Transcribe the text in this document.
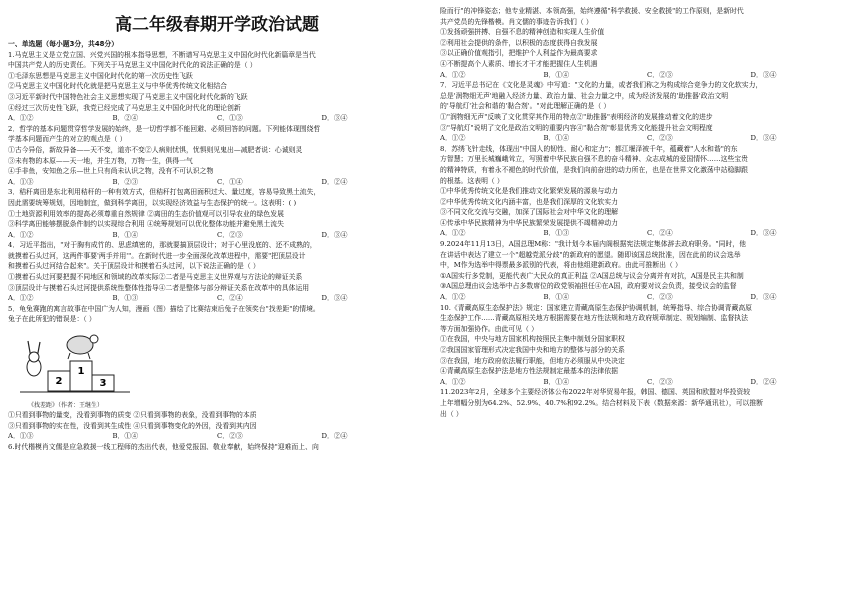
高二年级春期开学政治试题
一、单选题（每小题3分，共48分）
1.马克思主义是立党立国、兴党兴国的根本指导思想，不断谱写马克思主义中国化时代化新篇章是当代
中国共产党人的历史责任。下列关于马克思主义中国化时代化的说法正确的是（ ）
①毛泽东思想是马克思主义中国化时代化的第一次历史性飞跃
②马克思主义中国化时代化就是把马克思主义与中华优秀传统文化相结合
③习近平新时代中国特色社会主义思想实现了马克思主义中国化时代化新的飞跃
④经过三次历史性飞跃，我党已经完成了马克思主义中国化时代化的理论创新
A．①②	B．②④	C．①③	D．③④
2．哲学的基本问题贯穿哲学发展的始终，是一切哲学都不能回避、必须回答的问题。下列能体现围绕哲
学基本问题而产生的对立的观点是（ ）
①古今异俗，新故异备——天不变，道亦不变②人病则忧惧，忧惧则见鬼出—减肥者说：心诚则灵
③未有物的本原——天一地，并生万物，万物一生，俱得一气
④手非鱼，安知鱼之乐—世上只有尚未认识之物，没有不可认识之物
A．①③	B．②③	C．①④	D．②④
3．秸秆离田是东北利用秸秆的一种有效方式，但秸秆打包离田面积过大、量过度，容易导致黑土流失，
因此需要统筹规划，因地制宜，做到科学离田，以实现经济效益与生态保护的统一。这表明：( )
①土地资源利用效率的提高必须尊重自然规律 ②离田的生态价值观可以引导农业的绿色发展
③科学离田能够摆脱条件制约以实现综合利用 ④统筹规划可以优化整体功能并避免黑土流失
A．①②	B．①④	C．②③	D．③④
4．习近平指出，"对于胸有成竹的、思虑缜密的，那就要搞顶层设计；对于心里没底的、还不成熟的，
就摸着石头过河，这两件事要'两手并用'"。在新时代进一步全面深化改革进程中，需要"把顶层设计
和摸着石头过河结合起来"。关于顶层设计和摸着石头过河，以下说法正确的是（ ）
①摸着石头过河要把握不同地区和领域的改革实际②二者是马克思主义世界观与方法论的辩证关系
③顶层设计与摸着石头过河提供系统性整体性指导④二者是整体与部分辩证关系在改革中的具体运用
A．①②	B．①③	C．②④	D．③④
5．龟兔赛跑的寓言故事在中国广为人知，漫画（图）描绘了比赛结束后兔子在领奖台"找差距"的情境。
兔子在此所犯的错误是：（ ）
2
1
3
《找差距》（作者：王继生）
①只看到事物的量变，没看到事物的质变 ②只看到事物的表象，没看到事物的本质
③只看到事物的实在性，没看到其生成性 ④只看到事物变化的外因，没看到其内因
A．①③	B．①④	C．②③	D．②④
6.时代楷模肖文儒是应急救援一线工程师的杰出代表，他爱党报国、敬业奉献，始终保持"迎难而上、向
险而行"的冲锋姿态；他专业精湛、本领高强，始终遵循"科学救援、安全救援"的工作原则，是新时代
共产党员的先锋楷模。肖文儒的事迹告诉我们（ ）
①发扬顽强拼搏、自强不息的精神创造和实现人生价值
②利用社会提供的条件，以积极的态度获得自我发展
③以正确价值观指引，把维护个人利益作为最高要求
④不断提高个人素质、增长才干才能把握住人生机遇
A．①②	B．①④	C．②③	D．③④
7．习近平总书记在《文化是灵魂》中写道："文化的力量，或者我们称之为构成综合竞争力的文化软实力，
总是'润物细无声'地融入经济力量、政治力量、社会力量之中，成为经济发展的'助推器'政治文明
的'导航灯'社会和谐的'黏合剂'。"对此理解正确的是（ ）
①"润物细无声"反映了文化贯穿其作用的特点②"助推器"表明经济的发展推动着文化的进步
③"导航灯"说明了文化是政治文明的重要内容④"黏合剂"彰显优秀文化能提升社会文明程度
A．①②	B．①④	C．②③	D．③④
8．苏绣飞针走线，体现出"中国人的韧性、耐心和定力"；都江堰泽被千年，蕴藏着"人水和谐"的东
方智慧；万里长城巍峨耸立，写照着中华民族自强不息的奋斗精神、众志成城的爱国情怀……这些宝贵
的精神特质，有着永不褪色的时代价值，是我们向前奋进的动力所在，也是在世界文化激荡中站稳脚跟
的根基。这表明（ ）
①中华优秀传统文化是我们推动文化繁荣发展的源泉与动力
②中华优秀传统文化内涵丰富，也是我们深厚的文化软实力
③不同文化交流与交融，加深了国际社会对中华文化的理解
④传承中华民族精神为中华民族繁荣发展提供不竭精神动力
A．①②	B．①③	C．②④	D．③④
9.2024年11月13日，A国总理M称："我计划今本届内阁根据宪法规定集体辞去政府职务。"同时，他
在讲话中表达了建立一个"超越党派分歧"的新政府的愿望。随即该国总统批准，因在此前的议会选举
中，M作为选举中得票最多派别的代表，将由他组建新政府。由此可推断出（ ）
①A国实行多党制，更能代表广大民众的真正利益 ②A国总统与议会分离并有对抗，A国是民主共和制
③A国总理由议会选举中占多数席位的政党领袖担任④在A国，政府要对议会负责，接受议会的监督
A．①②	B．①④	C．②③	D．③④
10.《青藏高原生态保护法》规定：国家建立青藏高原生态保护协调机制，统筹指导、综合协调青藏高原
生态保护工作……青藏高原相关地方根据需要在地方性法规和地方政府规章制定、规划编制、监督执法
等方面加强协作。由此可见（ ）
①在我国，中央与地方国家机构按照民主集中制划分国家职权
②我国国家管理形式决定我国中央和地方的整体与部分的关系
③在我国，地方政府依法履行职能，但地方必须服从中央决定
④青藏高原生态保护法是地方性法规制定最基本的法律依据
A．①②	B．①④	C．②③	D．②④
11.2023年2月，全球多个主要经济体公布2022年对华贸易年报，韩国、德国、英国和欧盟对华投资较
上年增幅分别为64.2%、52.9%、40.7%和92.2%。结合材料及下表（数据来源：新华通讯社），可以推断
出（ ）
